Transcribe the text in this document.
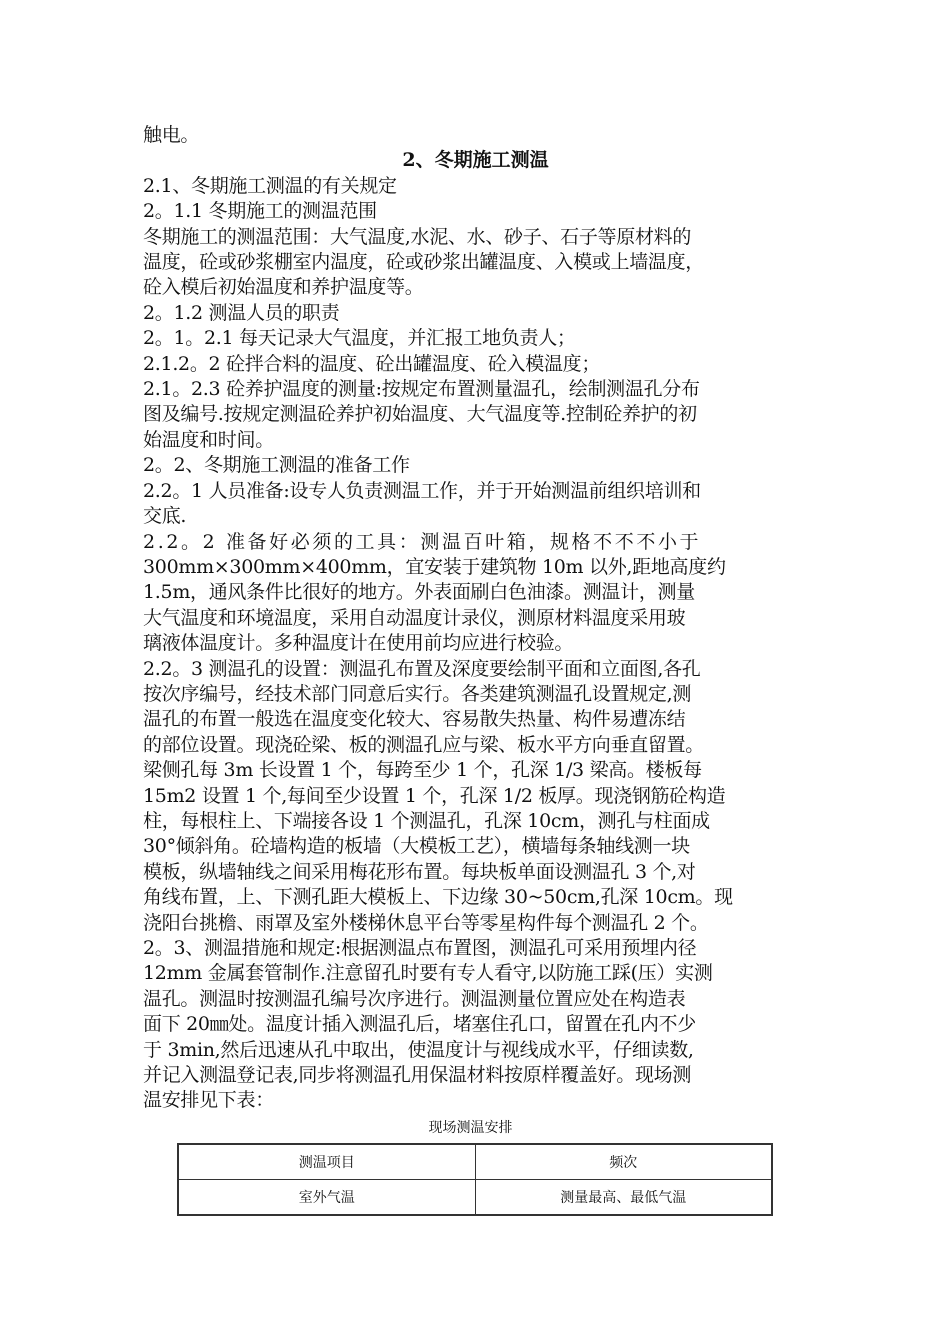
触电。
2、冬期施工测温
2.1、冬期施工测温的有关规定
2。1.1 冬期施工的测温范围
冬期施工的测温范围：大气温度,水泥、水、砂子、石子等原材料的
温度，砼或砂浆棚室内温度，砼或砂浆出罐温度、入模或上墙温度，
砼入模后初始温度和养护温度等。
2。1.2 测温人员的职责
2。1。2.1 每天记录大气温度，并汇报工地负责人；
2.1.2。2 砼拌合料的温度、砼出罐温度、砼入模温度；
2.1。2.3 砼养护温度的测量:按规定布置测量温孔，绘制测温孔分布
图及编号.按规定测温砼养护初始温度、大气温度等.控制砼养护的初
始温度和时间。
2。2、冬期施工测温的准备工作
2.2。1 人员准备:设专人负责测温工作，并于开始测温前组织培训和
交底.
2.2。2 准备好必须的工具：测温百叶箱，规格不不不小于
300mm×300mm×400mm，宜安装于建筑物 10m 以外,距地高度约
1.5m，通风条件比很好的地方。外表面刷白色油漆。测温计，测量
大气温度和环境温度，采用自动温度计录仪，测原材料温度采用玻
璃液体温度计。多种温度计在使用前均应进行校验。
2.2。3 测温孔的设置：测温孔布置及深度要绘制平面和立面图,各孔
按次序编号，经技术部门同意后实行。各类建筑测温孔设置规定,测
温孔的布置一般选在温度变化较大、容易散失热量、构件易遭冻结
的部位设置。现浇砼梁、板的测温孔应与梁、板水平方向垂直留置。
梁侧孔每 3m 长设置 1 个，每跨至少 1 个，孔深 1/3 梁高。楼板每
15m2 设置 1 个,每间至少设置 1 个，孔深 1/2 板厚。现浇钢筋砼构造
柱，每根柱上、下端接各设 1 个测温孔，孔深 10cm，测孔与柱面成
30°倾斜角。砼墙构造的板墙（大模板工艺），横墙每条轴线测一块
模板，纵墙轴线之间采用梅花形布置。每块板单面设测温孔 3 个,对
角线布置，上、下测孔距大模板上、下边缘 30~50cm,孔深 10cm。现
浇阳台挑檐、雨罩及室外楼梯休息平台等零星构件每个测温孔 2 个。
2。3、测温措施和规定:根据测温点布置图，测温孔可采用预埋内径
12mm 金属套管制作.注意留孔时要有专人看守,以防施工踩(压）实测
温孔。测温时按测温孔编号次序进行。测温测量位置应处在构造表
面下 20㎜处。温度计插入测温孔后，堵塞住孔口，留置在孔内不少
于 3min,然后迅速从孔中取出，使温度计与视线成水平，仔细读数,
并记入测温登记表,同步将测温孔用保温材料按原样覆盖好。现场测
温安排见下表：
现场测温安排
测温项目	频次
室外气温	测量最高、最低气温
